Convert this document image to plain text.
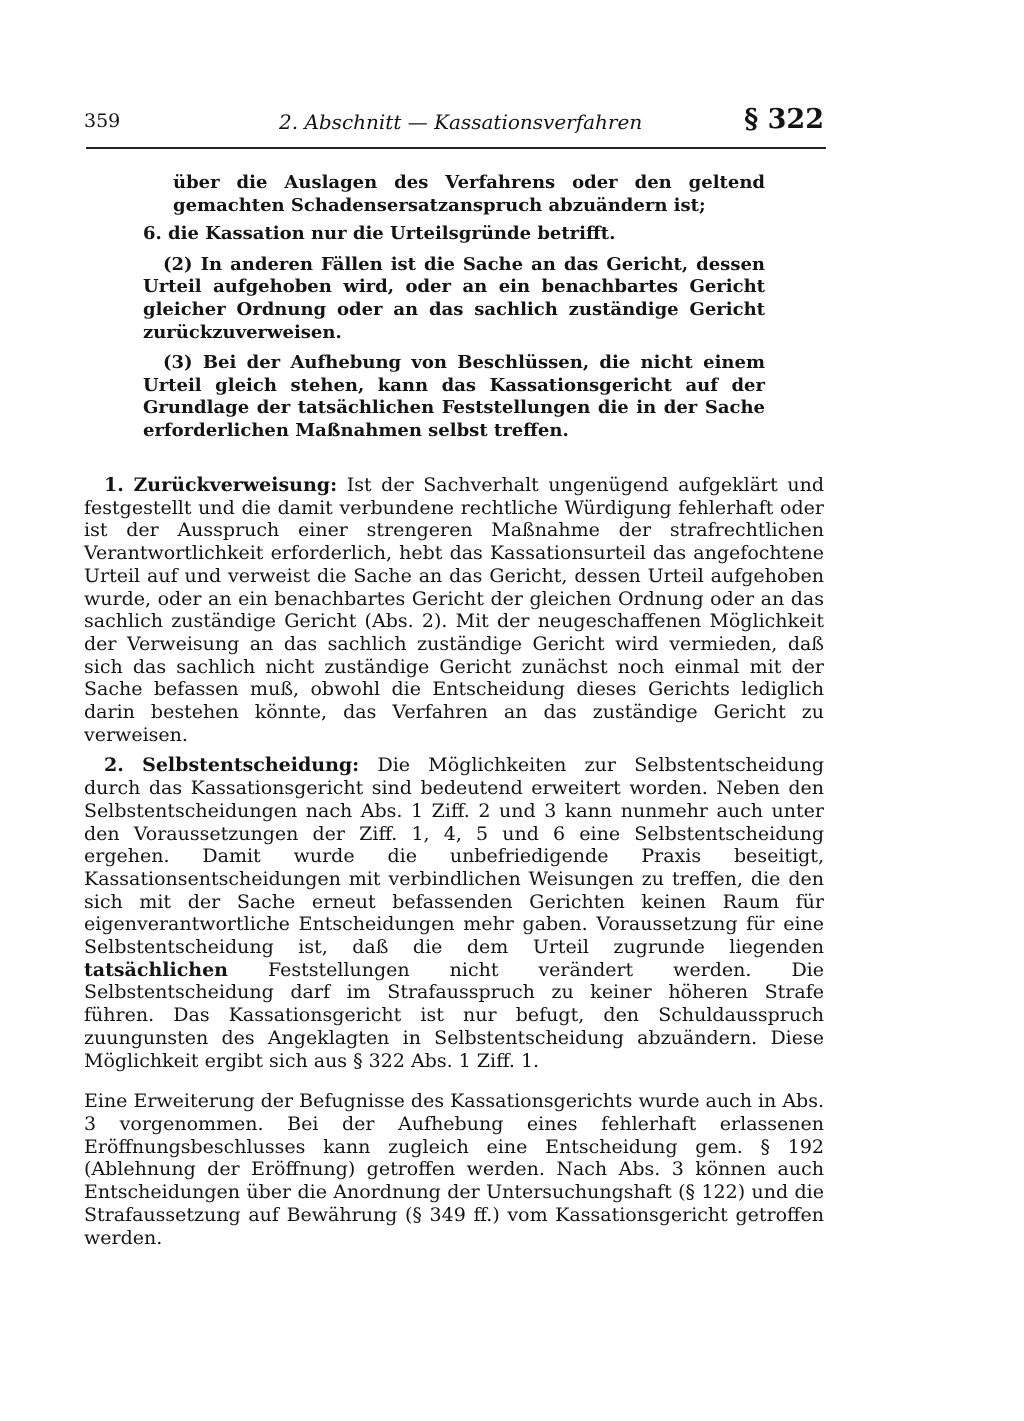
359	2. Abschnitt — Kassationsverfahren	§ 322

über die Auslagen des Verfahrens oder den geltend gemachten Schadensersatzanspruch abzuändern ist;

6. die Kassation nur die Urteilsgründe betrifft.

(2) In anderen Fällen ist die Sache an das Gericht, dessen Urteil aufgehoben wird, oder an ein benachbartes Gericht gleicher Ordnung oder an das sachlich zuständige Gericht zurückzuverweisen.

(3) Bei der Aufhebung von Beschlüssen, die nicht einem Urteil gleich stehen, kann das Kassationsgericht auf der Grundlage der tatsächlichen Feststellungen die in der Sache erforderlichen Maßnahmen selbst treffen.

1. Zurückverweisung: Ist der Sachverhalt ungenügend aufgeklärt und festgestellt und die damit verbundene rechtliche Würdigung fehlerhaft oder ist der Ausspruch einer strengeren Maßnahme der strafrechtlichen Verantwortlichkeit erforderlich, hebt das Kassationsurteil das angefochtene Urteil auf und verweist die Sache an das Gericht, dessen Urteil aufgehoben wurde, oder an ein benachbartes Gericht der gleichen Ordnung oder an das sachlich zuständige Gericht (Abs. 2). Mit der neugeschaffenen Möglichkeit der Verweisung an das sachlich zuständige Gericht wird vermieden, daß sich das sachlich nicht zuständige Gericht zunächst noch einmal mit der Sache befassen muß, obwohl die Entscheidung dieses Gerichts lediglich darin bestehen könnte, das Verfahren an das zuständige Gericht zu verweisen.

2. Selbstentscheidung: Die Möglichkeiten zur Selbstentscheidung durch das Kassationsgericht sind bedeutend erweitert worden. Neben den Selbstentscheidungen nach Abs. 1 Ziff. 2 und 3 kann nunmehr auch unter den Voraussetzungen der Ziff. 1, 4, 5 und 6 eine Selbstentscheidung ergehen. Damit wurde die unbefriedigende Praxis beseitigt, Kassationsentscheidungen mit verbindlichen Weisungen zu treffen, die den sich mit der Sache erneut befassenden Gerichten keinen Raum für eigenverantwortliche Entscheidungen mehr gaben. Voraussetzung für eine Selbstentscheidung ist, daß die dem Urteil zugrunde liegenden tatsächlichen Feststellungen nicht verändert werden. Die Selbstentscheidung darf im Strafausspruch zu keiner höheren Strafe führen. Das Kassationsgericht ist nur befugt, den Schuldausspruch zuungunsten des Angeklagten in Selbstentscheidung abzuändern. Diese Möglichkeit ergibt sich aus § 322 Abs. 1 Ziff. 1.

Eine Erweiterung der Befugnisse des Kassationsgerichts wurde auch in Abs. 3 vorgenommen. Bei der Aufhebung eines fehlerhaft erlassenen Eröffnungsbeschlusses kann zugleich eine Entscheidung gem. § 192 (Ablehnung der Eröffnung) getroffen werden. Nach Abs. 3 können auch Entscheidungen über die Anordnung der Untersuchungshaft (§ 122) und die Strafaussetzung auf Bewährung (§ 349 ff.) vom Kassationsgericht getroffen werden.
